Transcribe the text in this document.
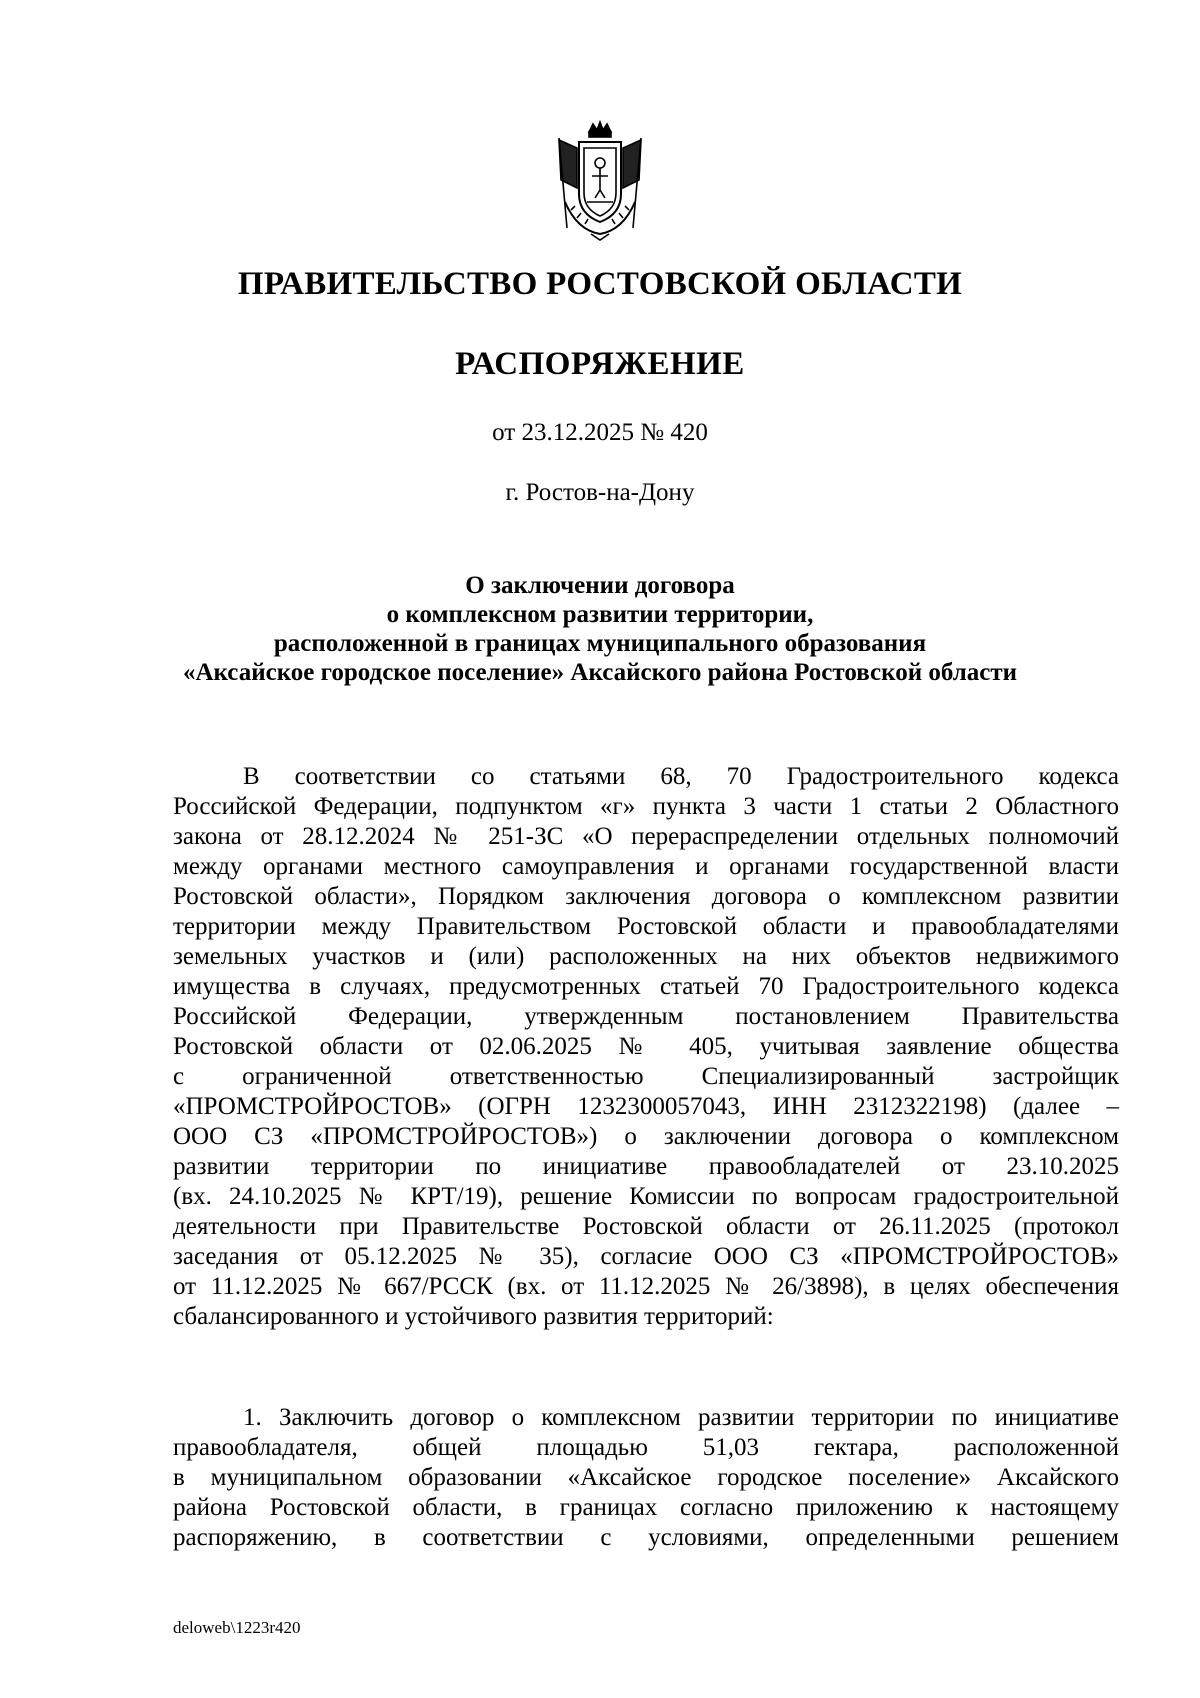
ПРАВИТЕЛЬСТВО РОСТОВСКОЙ ОБЛАСТИ
РАСПОРЯЖЕНИЕ
от 23.12.2025 № 420
г. Ростов-на-Дону
О заключении договора
о комплексном развитии территории,
расположенной в границах муниципального образования
«Аксайское городское поселение» Аксайского района Ростовской области
В соответствии со статьями 68, 70 Градостроительного кодекса
Российской Федерации, подпунктом «г» пункта 3 части 1 статьи 2 Областного
закона от 28.12.2024 № 251-ЗС «О перераспределении отдельных полномочий
между органами местного самоуправления и органами государственной власти
Ростовской области», Порядком заключения договора о комплексном развитии
территории между Правительством Ростовской области и правообладателями
земельных участков и (или) расположенных на них объектов недвижимого
имущества в случаях, предусмотренных статьей 70 Градостроительного кодекса
Российской Федерации, утвержденным постановлением Правительства
Ростовской области от 02.06.2025 № 405, учитывая заявление общества
с ограниченной ответственностью Специализированный застройщик
«ПРОМСТРОЙРОСТОВ» (ОГРН 1232300057043, ИНН 2312322198) (далее –
ООО СЗ «ПРОМСТРОЙРОСТОВ») о заключении договора о комплексном
развитии территории по инициативе правообладателей от 23.10.2025
(вх. 24.10.2025 № КРТ/19), решение Комиссии по вопросам градостроительной
деятельности при Правительстве Ростовской области от 26.11.2025 (протокол
заседания от 05.12.2025 № 35), согласие ООО СЗ «ПРОМСТРОЙРОСТОВ»
от 11.12.2025 № 667/РССК (вх. от 11.12.2025 № 26/3898), в целях обеспечения
сбалансированного и устойчивого развития территорий:
1. Заключить договор о комплексном развитии территории по инициативе
правообладателя, общей площадью 51,03 гектара, расположенной
в муниципальном образовании «Аксайское городское поселение» Аксайского
района Ростовской области, в границах согласно приложению к настоящему
распоряжению, в соответствии с условиями, определенными решением
deloweb\1223r420
